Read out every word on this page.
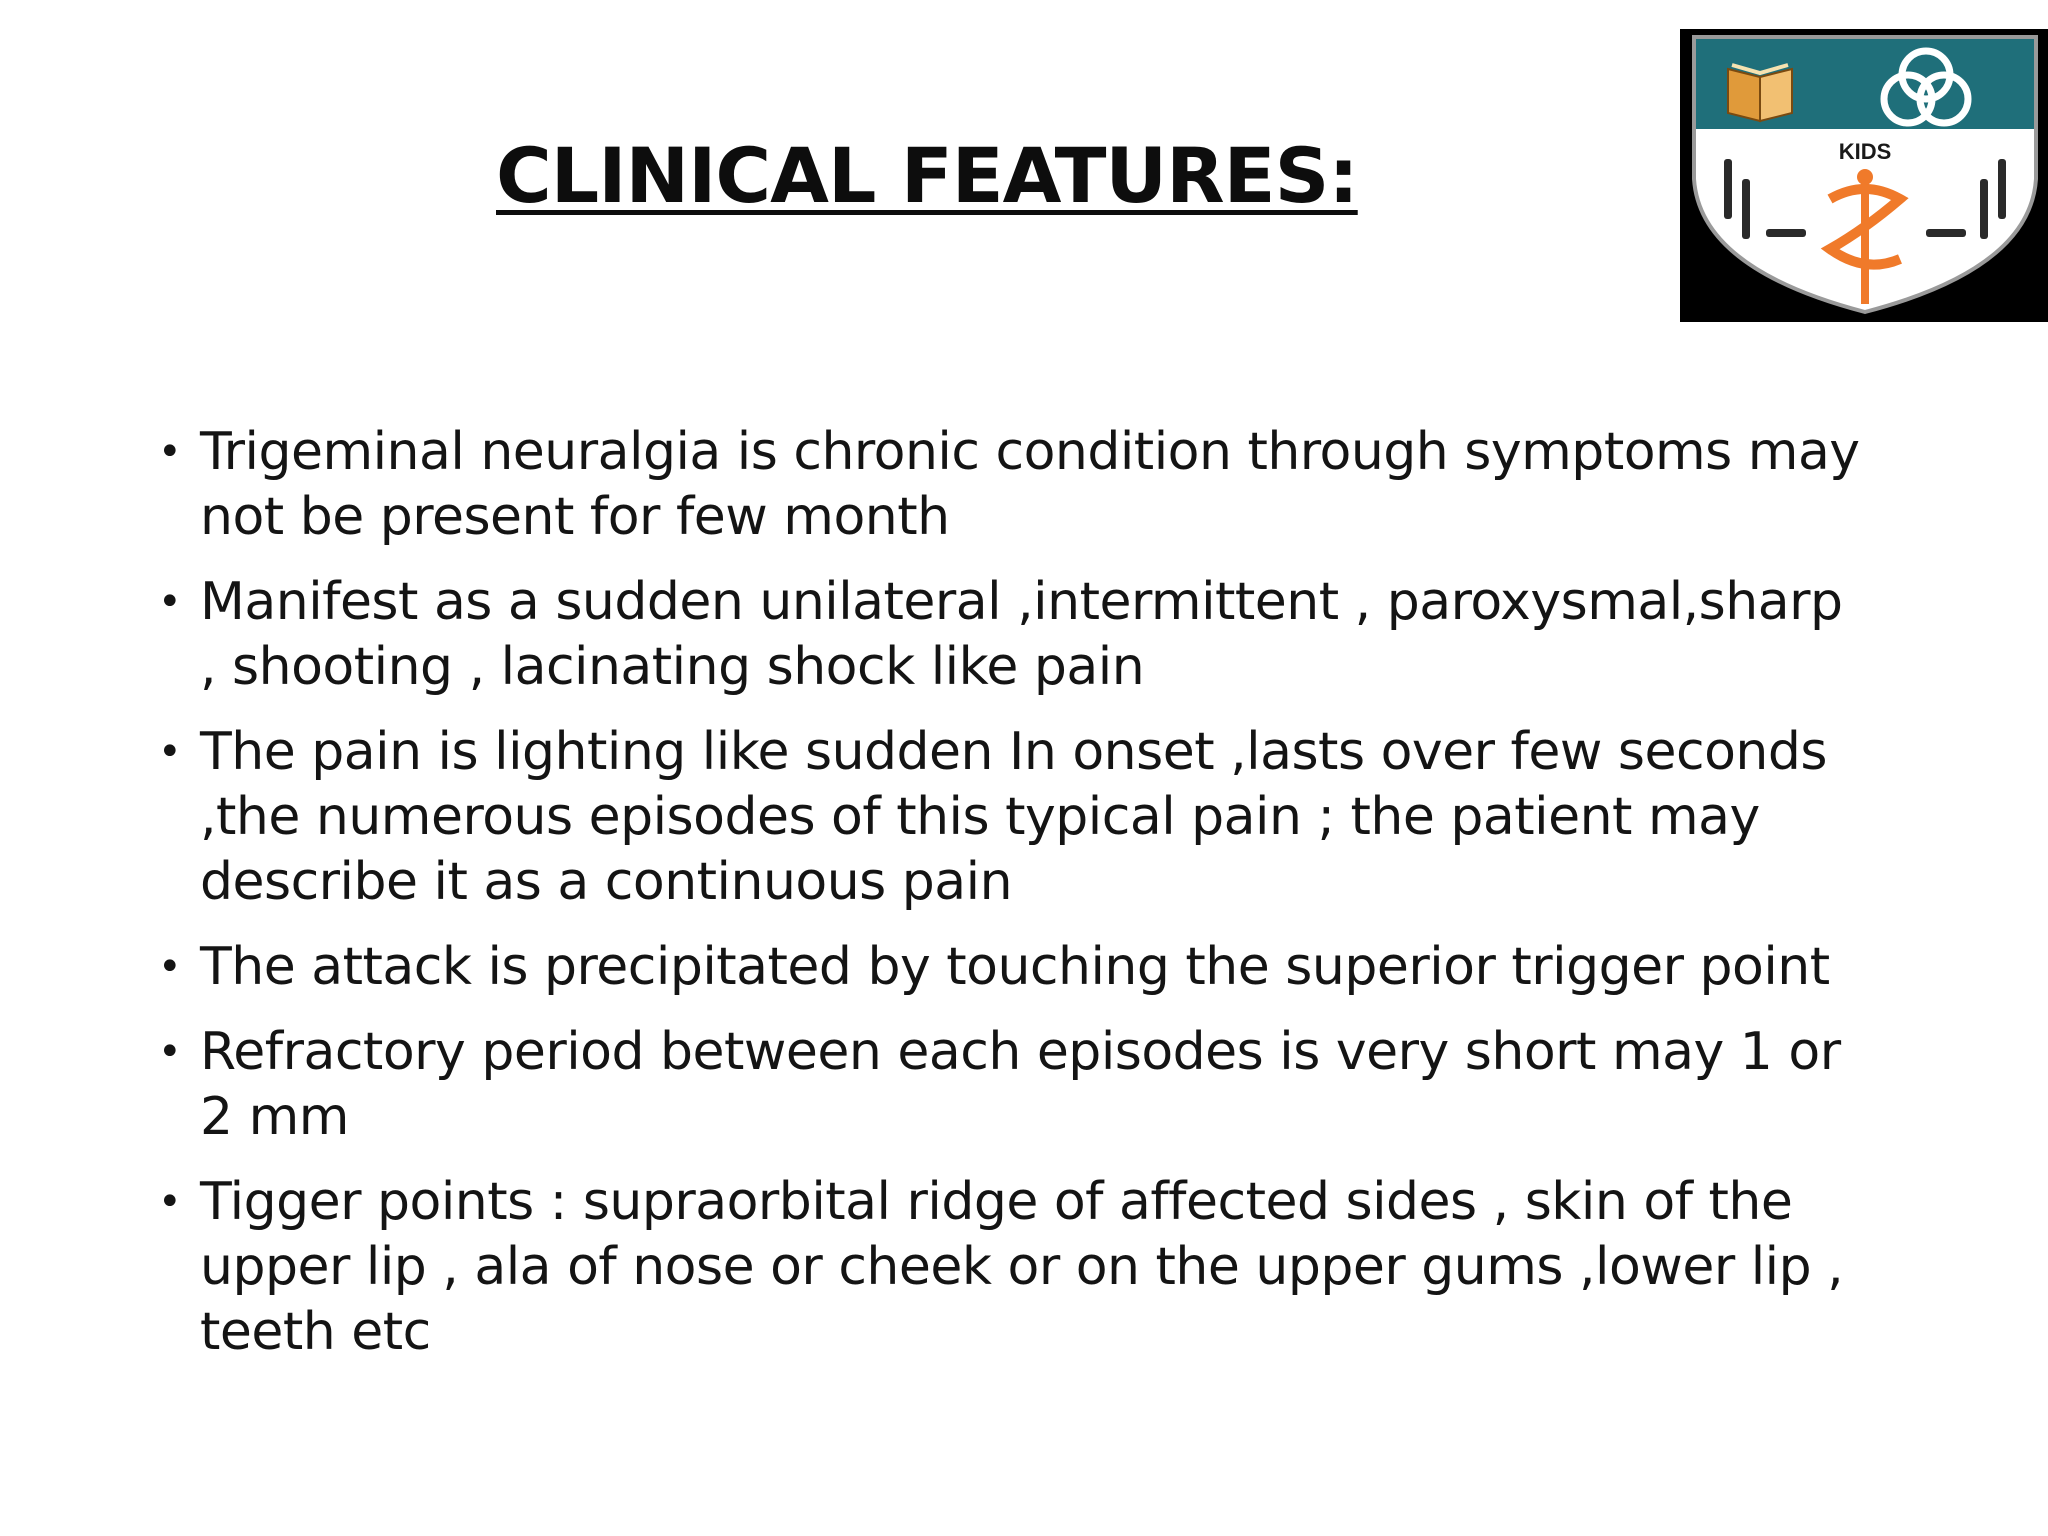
CLINICAL FEATURES:	KIDS
• Trigeminal neuralgia is chronic condition through symptoms may not be present for few month
• Manifest as a sudden unilateral ,intermittent , paroxysmal,sharp , shooting , lacinating shock like pain
• The pain is lighting like sudden In onset ,lasts over few seconds ,the numerous episodes of this typical pain ; the patient may describe it as a continuous pain
• The attack is precipitated by touching the superior trigger point
• Refractory period between each episodes is very short may 1 or 2 mm
• Tigger points : supraorbital ridge of affected sides , skin of the upper lip , ala of nose or cheek or on the upper gums ,lower lip , teeth etc
